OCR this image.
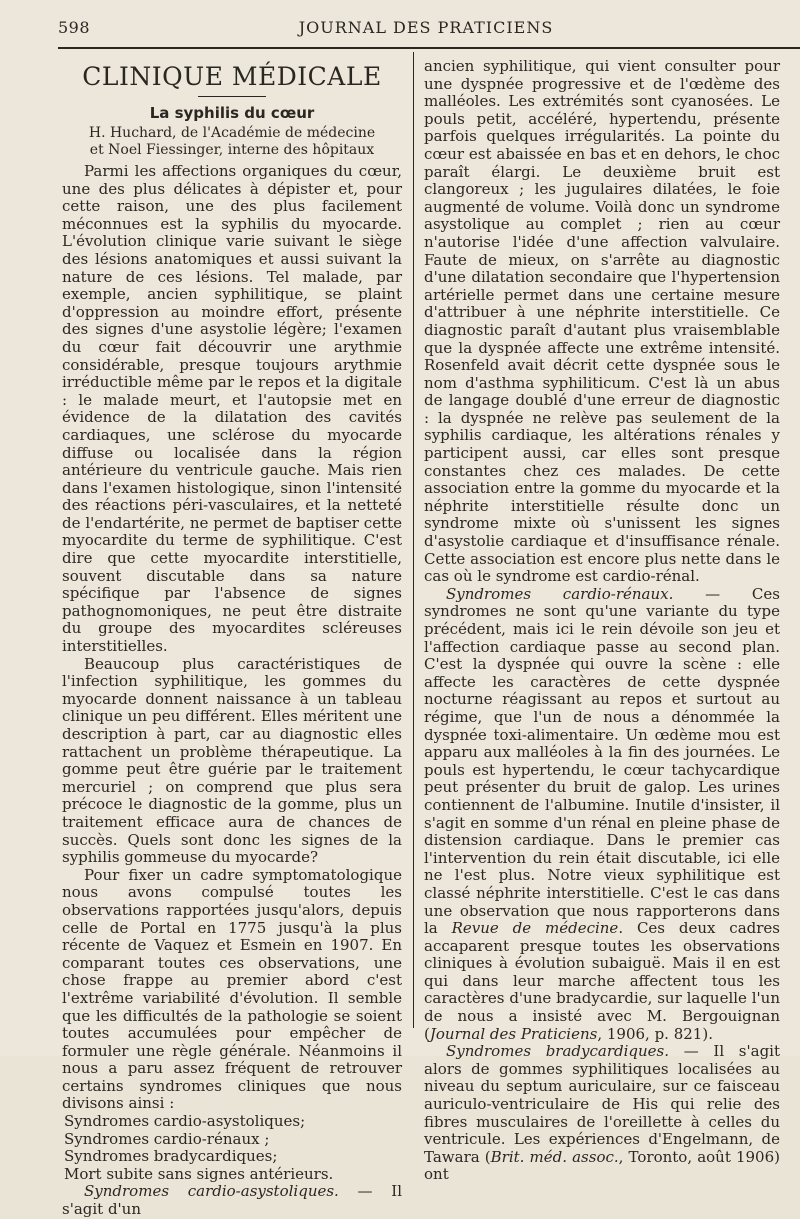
598	JOURNAL DES PRATICIENS
CLINIQUE MÉDICALE
La syphilis du cœur
H. Huchard, de l'Académie de médecine
et Noel Fiessinger, interne des hôpitaux

Parmi les affections organiques du cœur, une des plus délicates à dépister et, pour cette raison, une des plus facilement méconnues est la syphilis du myocarde. L'évolution clinique varie suivant le siège des lésions anatomiques et aussi suivant la nature de ces lésions. Tel malade, par exemple, ancien syphilitique, se plaint d'oppression au moindre effort, présente des signes d'une asystolie légère; l'examen du cœur fait découvrir une arythmie considérable, presque toujours arythmie irréductible même par le repos et la digitale : le malade meurt, et l'autopsie met en évidence de la dilatation des cavités cardiaques, une sclérose du myocarde diffuse ou localisée dans la région antérieure du ventricule gauche. Mais rien dans l'examen histologique, sinon l'intensité des réactions péri-vasculaires, et la netteté de l'endartérite, ne permet de baptiser cette myocardite du terme de syphilitique. C'est dire que cette myocardite interstitielle, souvent discutable dans sa nature spécifique par l'absence de signes pathognomoniques, ne peut être distraite du groupe des myocardites scléreuses interstitielles.

Beaucoup plus caractéristiques de l'infection syphilitique, les gommes du myocarde donnent naissance à un tableau clinique un peu différent. Elles méritent une description à part, car au diagnostic elles rattachent un problème thérapeutique. La gomme peut être guérie par le traitement mercuriel ; on comprend que plus sera précoce le diagnostic de la gomme, plus un traitement efficace aura de chances de succès. Quels sont donc les signes de la syphilis gommeuse du myocarde?

Pour fixer un cadre symptomatologique nous avons compulsé toutes les observations rapportées jusqu'alors, depuis celle de Portal en 1775 jusqu'à la plus récente de Vaquez et Esmein en 1907. En comparant toutes ces observations, une chose frappe au premier abord c'est l'extrême variabilité d'évolution. Il semble que les difficultés de la pathologie se soient toutes accumulées pour empêcher de formuler une règle générale. Néanmoins il nous a paru assez fréquent de retrouver certains syndromes cliniques que nous divisons ainsi :

Syndromes cardio-asystoliques;
Syndromes cardio-rénaux ;
Syndromes bradycardiques;
Mort subite sans signes antérieurs.

Syndromes cardio-asystoliques. — Il s'agit d'un

ancien syphilitique, qui vient consulter pour une dyspnée progressive et de l'œdème des malléoles. Les extrémités sont cyanosées. Le pouls petit, accéléré, hypertendu, présente parfois quelques irrégularités. La pointe du cœur est abaissée en bas et en dehors, le choc paraît élargi. Le deuxième bruit est clangoreux ; les jugulaires dilatées, le foie augmenté de volume. Voilà donc un syndrome asystolique au complet ; rien au cœur n'autorise l'idée d'une affection valvulaire. Faute de mieux, on s'arrête au diagnostic d'une dilatation secondaire que l'hypertension artérielle permet dans une certaine mesure d'attribuer à une néphrite interstitielle. Ce diagnostic paraît d'autant plus vraisemblable que la dyspnée affecte une extrême intensité. Rosenfeld avait décrit cette dyspnée sous le nom d'asthma syphiliticum. C'est là un abus de langage doublé d'une erreur de diagnostic : la dyspnée ne relève pas seulement de la syphilis cardiaque, les altérations rénales y participent aussi, car elles sont presque constantes chez ces malades. De cette association entre la gomme du myocarde et la néphrite interstitielle résulte donc un syndrome mixte où s'unissent les signes d'asystolie cardiaque et d'insuffisance rénale. Cette association est encore plus nette dans le cas où le syndrome est cardio-rénal.

Syndromes cardio-rénaux. — Ces syndromes ne sont qu'une variante du type précédent, mais ici le rein dévoile son jeu et l'affection cardiaque passe au second plan. C'est la dyspnée qui ouvre la scène : elle affecte les caractères de cette dyspnée nocturne réagissant au repos et surtout au régime, que l'un de nous a dénommée la dyspnée toxi-alimentaire. Un œdème mou est apparu aux malléoles à la fin des journées. Le pouls est hypertendu, le cœur tachycardique peut présenter du bruit de galop. Les urines contiennent de l'albumine. Inutile d'insister, il s'agit en somme d'un rénal en pleine phase de distension cardiaque. Dans le premier cas l'intervention du rein était discutable, ici elle ne l'est plus. Notre vieux syphilitique est classé néphrite interstitielle. C'est le cas dans une observation que nous rapporterons dans la Revue de médecine. Ces deux cadres accaparent presque toutes les observations cliniques à évolution subaiguë. Mais il en est qui dans leur marche affectent tous les caractères d'une bradycardie, sur laquelle l'un de nous a insisté avec M. Bergouignan (Journal des Praticiens, 1906, p. 821).

Syndromes bradycardiques. — Il s'agit alors de gommes syphilitiques localisées au niveau du septum auriculaire, sur ce faisceau auriculo-ventriculaire de His qui relie des fibres musculaires de l'oreillette à celles du ventricule. Les expériences d'Engelmann, de Tawara (Brit. méd. assoc., Toronto, août 1906) ont
